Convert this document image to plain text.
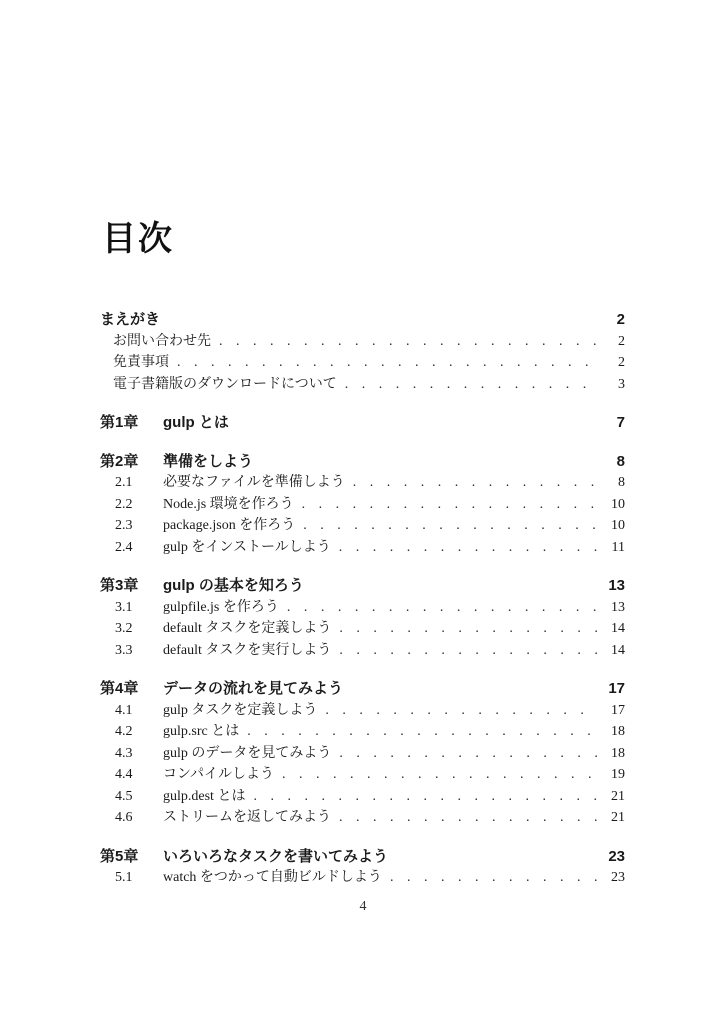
目次
まえがき	2
お問い合わせ先 . . .	2
免責事項 . . .	2
電子書籍版のダウンロードについて . . .	3
第1章	gulp とは	7
第2章	準備をしよう	8
2.1	必要なファイルを準備しよう . . .	8
2.2	Node.js 環境を作ろう . . .	10
2.3	package.json を作ろう . . .	10
2.4	gulp をインストールしよう . . .	11
第3章	gulp の基本を知ろう	13
3.1	gulpfile.js を作ろう . . .	13
3.2	default タスクを定義しよう . . .	14
3.3	default タスクを実行しよう . . .	14
第4章	データの流れを見てみよう	17
4.1	gulp タスクを定義しよう . . .	17
4.2	gulp.src とは . . .	18
4.3	gulp のデータを見てみよう . . .	18
4.4	コンパイルしよう . . .	19
4.5	gulp.dest とは . . .	21
4.6	ストリームを返してみよう . . .	21
第5章	いろいろなタスクを書いてみよう	23
5.1	watch をつかって自動ビルドしよう . . .	23
4
